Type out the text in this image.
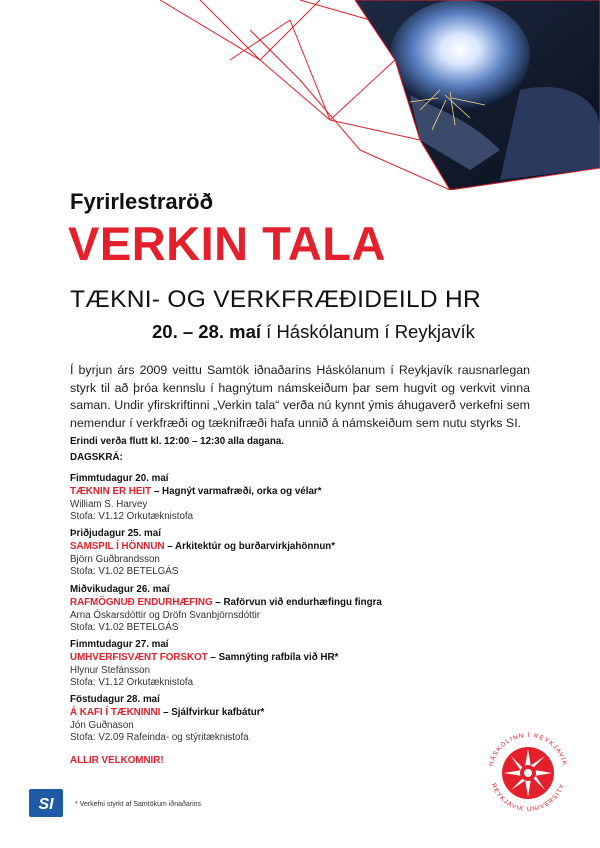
Fyrirlestraröð
VERKIN TALA
TÆKNI- OG VERKFRÆÐIDEILD HR
20. – 28. maí í Háskólanum í Reykjavík
Í byrjun árs 2009 veittu Samtök iðnaðarins Háskólanum í Reykjavík rausnarlegan styrk til að þróa kennslu í hagnýtum námskeiðum þar sem hugvit og verkvit vinna saman. Undir yfirskriftinni „Verkin tala“ verða nú kynnt ýmis áhugaverð verkefni sem nemendur í verkfræði og tæknifræði hafa unnið á námskeiðum sem nutu styrks SI.
Erindi verða flutt kl. 12:00 – 12:30 alla dagana.
DAGSKRÁ:
Fimmtudagur 20. maí
TÆKNIN ER HEIT – Hagnýt varmafræði, orka og vélar*
William S. Harvey
Stofa: V1.12 Orkutæknistofa
Þriðjudagur 25. maí
SAMSPIL Í HÖNNUN – Arkitektúr og burðarvirkjahönnun*
Björn Guðbrandsson
Stofa: V1.02 BETELGÁS
Miðvikudagur 26. maí
RAFMÖGNUÐ ENDURHÆFING – Raförvun við endurhæfingu fingra
Arna Óskarsdóttir og Dröfn Svanbjörnsdóttir
Stofa: V1.02 BETELGÁS
Fimmtudagur 27. maí
UMHVERFISVÆNT FORSKOT – Samnýting rafbíla við HR*
Hlynur Stefánsson
Stofa: V1.12 Orkutæknistofa
Föstudagur 28. maí
Á KAFI Í TÆKNINNI – Sjálfvirkur kafbátur*
Jón Guðnason
Stofa: V2.09 Rafeinda- og stýritæknistofa
ALLIR VELKOMNIR!
SI	* Verkefni styrkt af Samtökum iðnaðarins
HÁSKÓLINN Í REYKJAVÍK
REYKJAVIK UNIVERSITY
